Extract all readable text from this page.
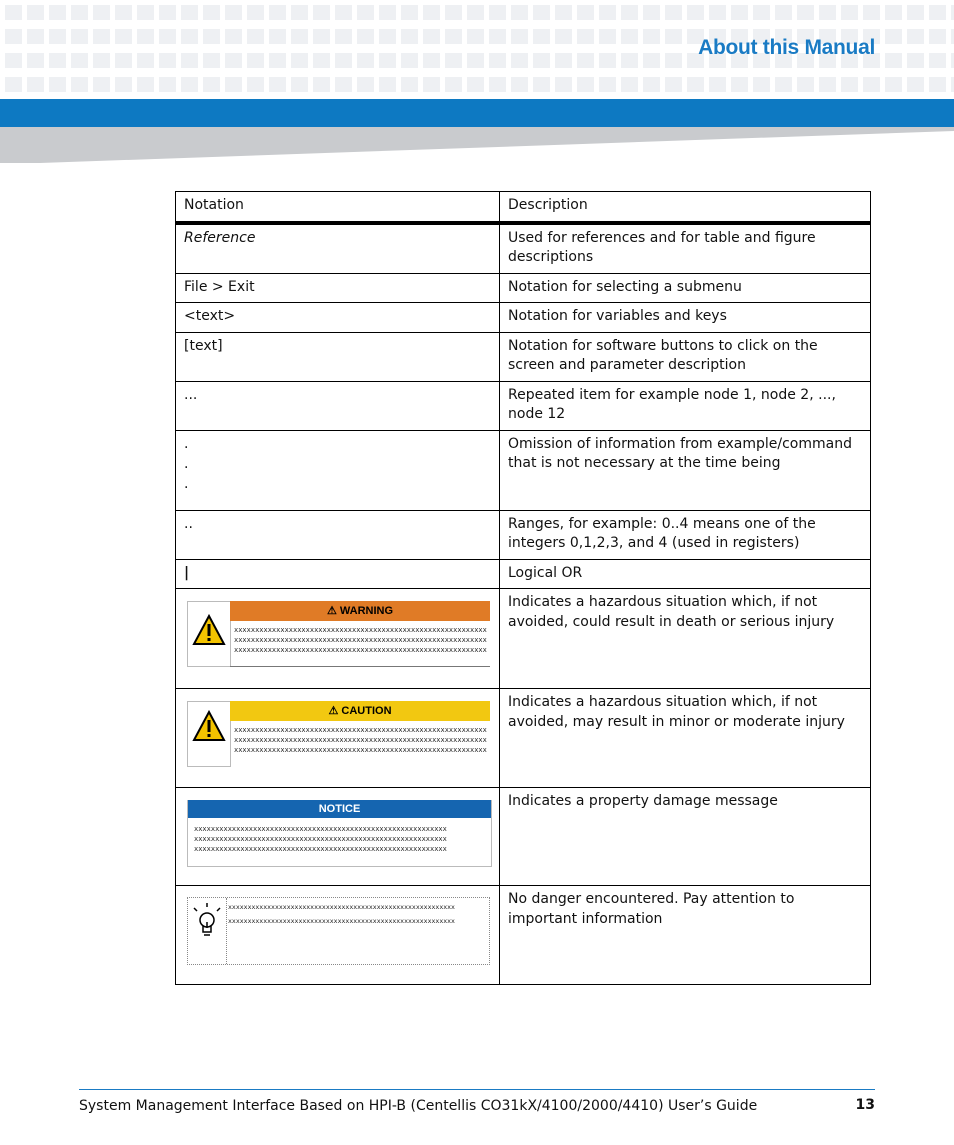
About this Manual
Notation	Description
Reference	Used for references and for table and figure descriptions
File > Exit	Notation for selecting a submenu
<text>	Notation for variables and keys
[text]	Notation for software buttons to click on the screen and parameter description
...	Repeated item for example node 1, node 2, ..., node 12

.
.
.	Omission of information from example/command that is not necessary at the time being
..	Ranges, for example: 0..4 means one of the integers 0,1,2,3, and 4 (used in registers)
|	Logical OR

⚠ WARNING
xxxxxxxxxxxxxxxxxxxxxxxxxxxxxxxxxxxxxxxxxxxxxxxxxxxxxxxxxxxx
xxxxxxxxxxxxxxxxxxxxxxxxxxxxxxxxxxxxxxxxxxxxxxxxxxxxxxxxxxxx
xxxxxxxxxxxxxxxxxxxxxxxxxxxxxxxxxxxxxxxxxxxxxxxxxxxxxxxxxxxx	Indicates a hazardous situation which, if not avoided, could result in death or serious injury

⚠ CAUTION
xxxxxxxxxxxxxxxxxxxxxxxxxxxxxxxxxxxxxxxxxxxxxxxxxxxxxxxxxxxx
xxxxxxxxxxxxxxxxxxxxxxxxxxxxxxxxxxxxxxxxxxxxxxxxxxxxxxxxxxxx
xxxxxxxxxxxxxxxxxxxxxxxxxxxxxxxxxxxxxxxxxxxxxxxxxxxxxxxxxxxx	Indicates a hazardous situation which, if not avoided, may result in minor or moderate injury

NOTICE
xxxxxxxxxxxxxxxxxxxxxxxxxxxxxxxxxxxxxxxxxxxxxxxxxxxxxxxxxxxx
xxxxxxxxxxxxxxxxxxxxxxxxxxxxxxxxxxxxxxxxxxxxxxxxxxxxxxxxxxxx
xxxxxxxxxxxxxxxxxxxxxxxxxxxxxxxxxxxxxxxxxxxxxxxxxxxxxxxxxxxx	Indicates a property damage message

xxxxxxxxxxxxxxxxxxxxxxxxxxxxxxxxxxxxxxxxxxxxxxxxxxxxxxxxxx
xxxxxxxxxxxxxxxxxxxxxxxxxxxxxxxxxxxxxxxxxxxxxxxxxxxxxxxxxx	No danger encountered. Pay attention to important information
System Management Interface Based on HPI-B (Centellis CO31kX/4100/2000/4410) User’s Guide	13
